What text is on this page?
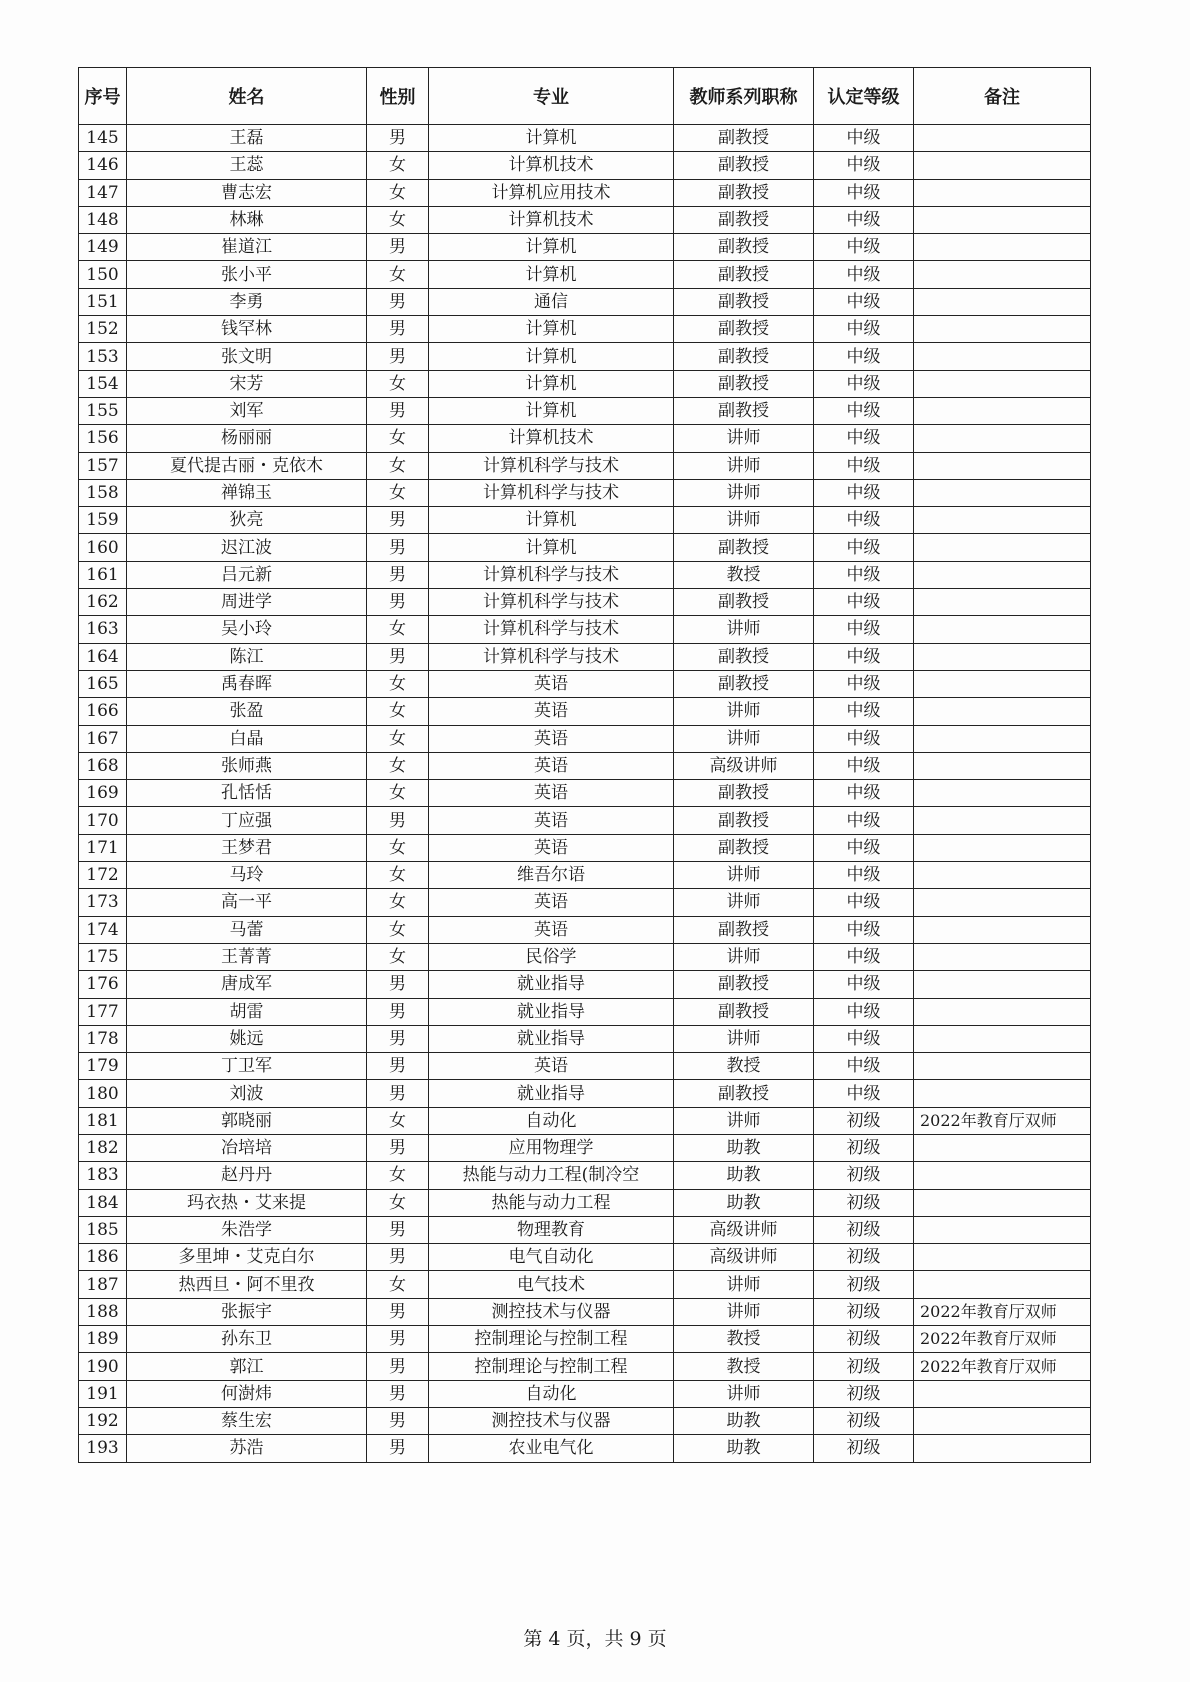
序号	姓名	性别	专业	教师系列职称	认定等级	备注
145	王磊	男	计算机	副教授	中级	
146	王蕊	女	计算机技术	副教授	中级	
147	曹志宏	女	计算机应用技术	副教授	中级	
148	林琳	女	计算机技术	副教授	中级	
149	崔道江	男	计算机	副教授	中级	
150	张小平	女	计算机	副教授	中级	
151	李勇	男	通信	副教授	中级	
152	钱罕林	男	计算机	副教授	中级	
153	张文明	男	计算机	副教授	中级	
154	宋芳	女	计算机	副教授	中级	
155	刘军	男	计算机	副教授	中级	
156	杨丽丽	女	计算机技术	讲师	中级	
157	夏代提古丽・克依木	女	计算机科学与技术	讲师	中级	
158	禅锦玉	女	计算机科学与技术	讲师	中级	
159	狄亮	男	计算机	讲师	中级	
160	迟江波	男	计算机	副教授	中级	
161	吕元新	男	计算机科学与技术	教授	中级	
162	周进学	男	计算机科学与技术	副教授	中级	
163	吴小玲	女	计算机科学与技术	讲师	中级	
164	陈江	男	计算机科学与技术	副教授	中级	
165	禹春晖	女	英语	副教授	中级	
166	张盈	女	英语	讲师	中级	
167	白晶	女	英语	讲师	中级	
168	张师燕	女	英语	高级讲师	中级	
169	孔恬恬	女	英语	副教授	中级	
170	丁应强	男	英语	副教授	中级	
171	王梦君	女	英语	副教授	中级	
172	马玲	女	维吾尔语	讲师	中级	
173	高一平	女	英语	讲师	中级	
174	马蕾	女	英语	副教授	中级	
175	王菁菁	女	民俗学	讲师	中级	
176	唐成军	男	就业指导	副教授	中级	
177	胡雷	男	就业指导	副教授	中级	
178	姚远	男	就业指导	讲师	中级	
179	丁卫军	男	英语	教授	中级	
180	刘波	男	就业指导	副教授	中级	
181	郭晓丽	女	自动化	讲师	初级	2022年教育厅双师
182	冶培培	男	应用物理学	助教	初级	
183	赵丹丹	女	热能与动力工程(制冷空	助教	初级	
184	玛衣热・艾来提	女	热能与动力工程	助教	初级	
185	朱浩学	男	物理教育	高级讲师	初级	
186	多里坤・艾克白尔	男	电气自动化	高级讲师	初级	
187	热西旦・阿不里孜	女	电气技术	讲师	初级	
188	张振宇	男	测控技术与仪器	讲师	初级	2022年教育厅双师
189	孙东卫	男	控制理论与控制工程	教授	初级	2022年教育厅双师
190	郭江	男	控制理论与控制工程	教授	初级	2022年教育厅双师
191	何澍炜	男	自动化	讲师	初级	
192	蔡生宏	男	测控技术与仪器	助教	初级	
193	苏浩	男	农业电气化	助教	初级	
第 4 页，共 9 页
